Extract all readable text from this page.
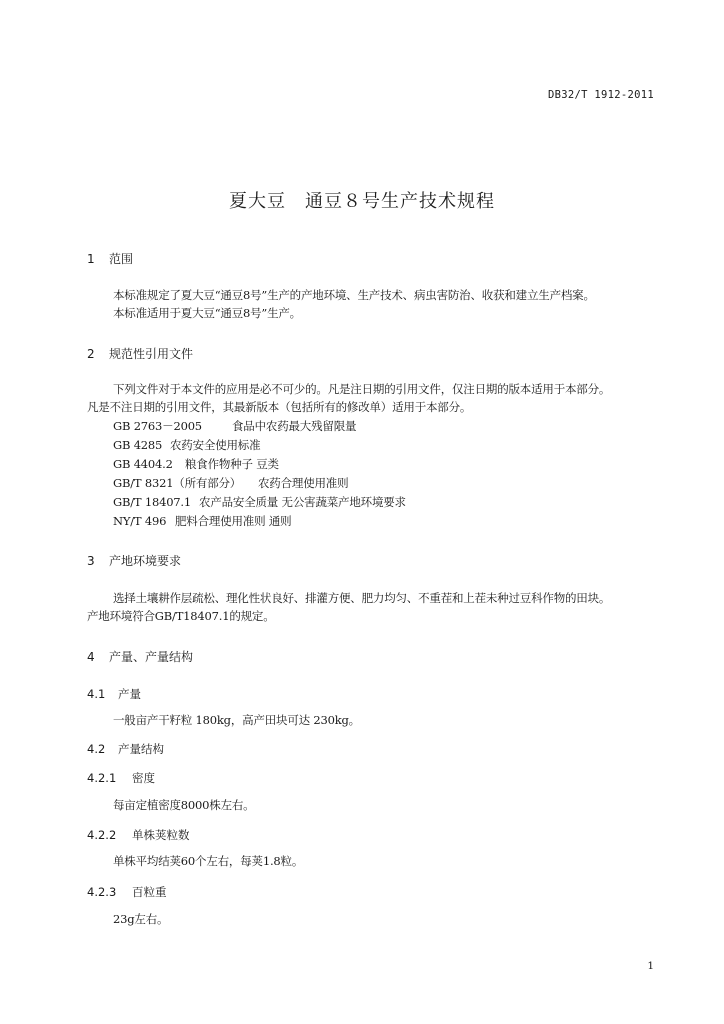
DB32/T 1912-2011
夏大豆　通豆８号生产技术规程
1 范围
本标准规定了夏大豆“通豆8号”生产的产地环境、生产技术、病虫害防治、收获和建立生产档案。
本标准适用于夏大豆“通豆8号”生产。
2 规范性引用文件
下列文件对于本文件的应用是必不可少的。凡是注日期的引用文件，仅注日期的版本适用于本部分。
凡是不注日期的引用文件，其最新版本（包括所有的修改单）适用于本部分。
GB 2763－2005	食品中农药最大残留限量
GB 4285 农药安全使用标准
GB 4404.2 粮食作物种子 豆类
GB/T 8321（所有部分） 农药合理使用准则
GB/T 18407.1 农产品安全质量 无公害蔬菜产地环境要求
NY/T 496 肥料合理使用准则 通则
3 产地环境要求
选择土壤耕作层疏松、理化性状良好、排灌方便、肥力均匀、不重茬和上茬未种过豆科作物的田块。
产地环境符合GB/T18407.1的规定。
4 产量、产量结构
4.1 产量
一般亩产干籽粒 180kg，高产田块可达 230kg。
4.2 产量结构
4.2.1 密度
每亩定植密度8000株左右。
4.2.2 单株荚粒数
单株平均结荚60个左右，每荚1.8粒。
4.2.3 百粒重
23g左右。
1
